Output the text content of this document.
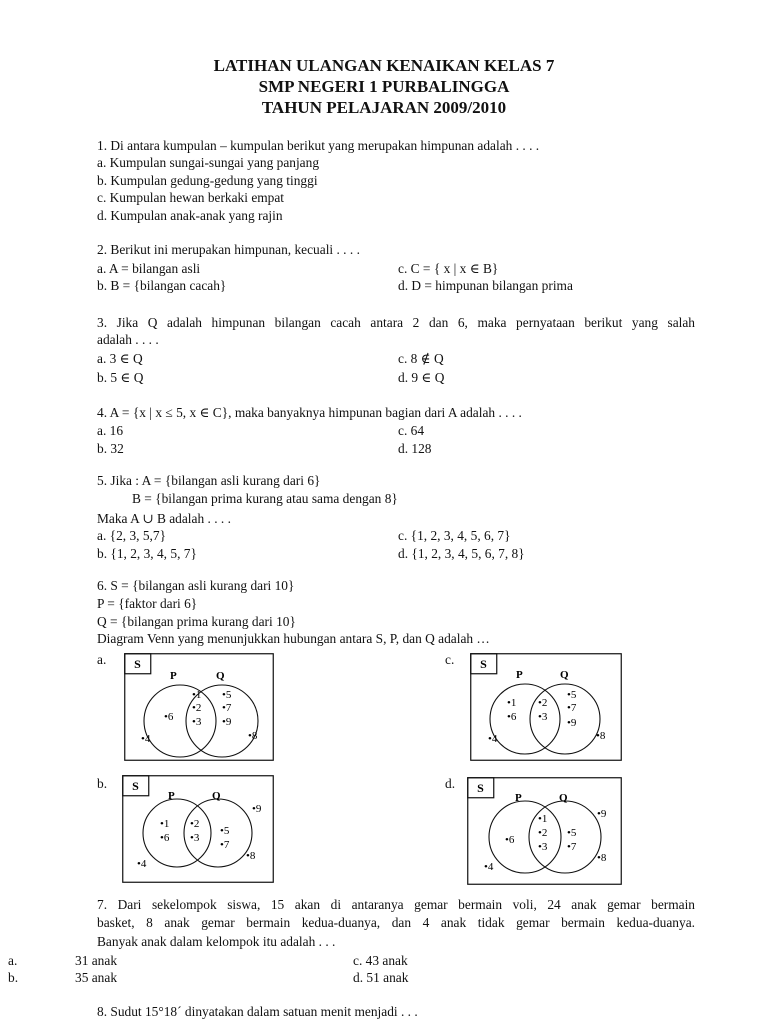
LATIHAN ULANGAN KENAIKAN KELAS 7
SMP NEGERI 1 PURBALINGGA
TAHUN PELAJARAN 2009/2010
1. Di antara kumpulan – kumpulan berikut yang merupakan himpunan adalah . . . .
a. Kumpulan sungai-sungai yang panjang
b. Kumpulan gedung-gedung yang tinggi
c. Kumpulan hewan berkaki empat
d. Kumpulan anak-anak yang rajin
2. Berikut ini merupakan himpunan, kecuali . . . .
a. A = bilangan asli
b. B = {bilangan cacah}
c. C = { x | x ∈ B}
d. D = himpunan bilangan prima
3. Jika Q adalah himpunan bilangan cacah antara 2 dan 6, maka pernyataan berikut yang salah
adalah . . . .
a. 3 ∈ Q
b. 5 ∈ Q
c. 8 ∉ Q
d. 9 ∈ Q
4. A = {x | x ≤ 5, x ∈ C}, maka banyaknya himpunan bagian dari A adalah . . . .
a. 16
b. 32
c. 64
d. 128
5. Jika : A = {bilangan asli kurang dari 6}
B = {bilangan prima kurang atau sama dengan 8}
Maka A ∪ B adalah . . . .
a. {2, 3, 5,7}
b. {1, 2, 3, 4, 5, 7}
c. {1, 2, 3, 4, 5, 6, 7}
d. {1, 2, 3, 4, 5, 6, 7, 8}
6. S = {bilangan asli kurang dari 10}
P = {faktor dari 6}
Q = {bilangan prima kurang dari 10}
Diagram Venn yang menunjukkan hubungan antara S, P, dan Q adalah …
a.
b.
c.
d.
S
P	Q
•6
•1
•2
•3
•5
•7
•9
•4	•8
S
P	Q
•1
•6
•2
•3
•5
•7
•9
•4	•8
S
P	Q
•1
•6
•2
•3
•5
•7
•9
•4
•8
S
P	Q
•6
•1
•2
•3
•5
•7
•9
•4
•8
7. Dari sekelompok siswa, 15 akan di antaranya gemar bermain voli, 24 anak gemar bermain
basket, 8 anak gemar bermain kedua-duanya, dan 4 anak tidak gemar bermain kedua-duanya.
Banyak anak dalam kelompok itu adalah . . .
a.	31 anak
b.	35 anak
c. 43 anak
d. 51 anak
8. Sudut 15°18´ dinyatakan dalam satuan menit menjadi . . .
